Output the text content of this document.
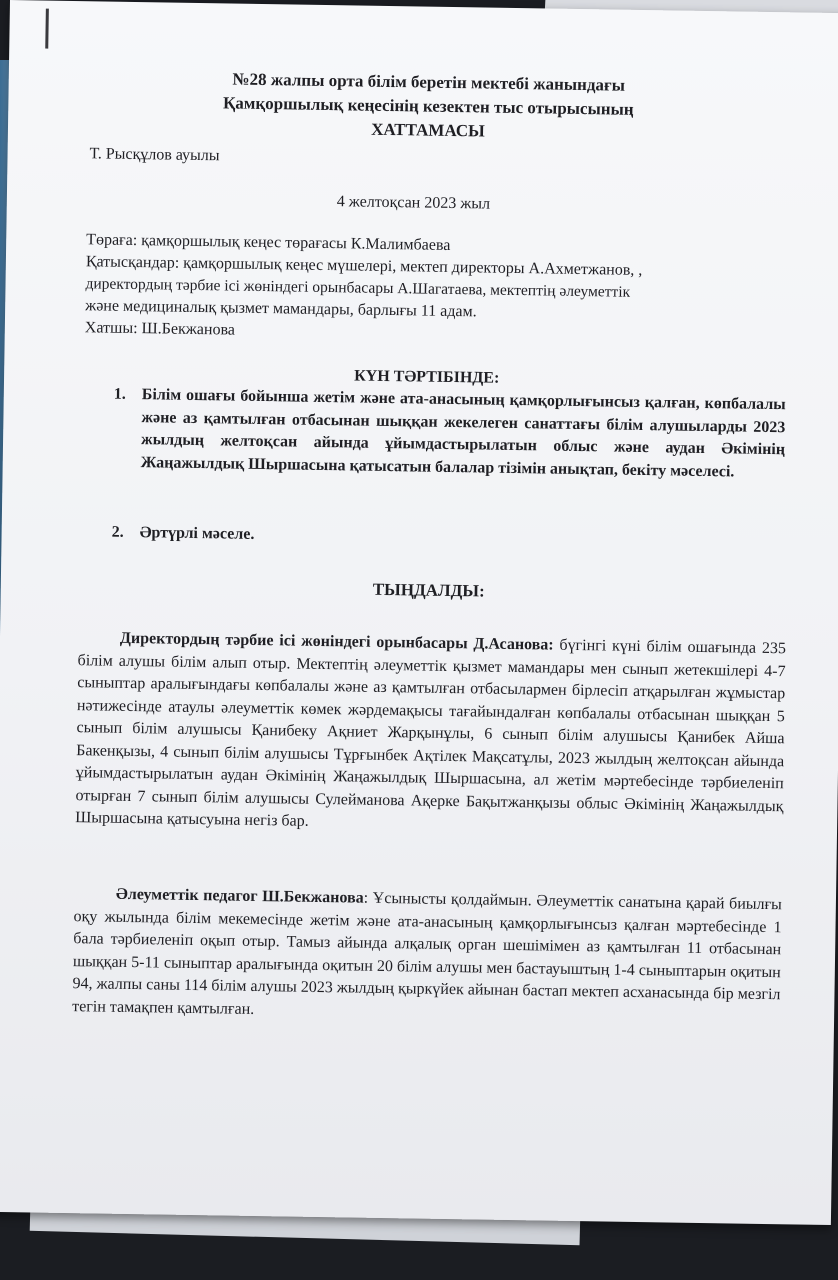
№28 жалпы орта білім беретін мектебі жанындағы
Қамқоршылық кеңесінің кезектен тыс отырысының
ХАТТАМАСЫ
Т. Рысқұлов ауылы
4 желтоқсан 2023 жыл
Төраға: қамқоршылық кеңес төрағасы К.Малимбаева
Қатысқандар: қамқоршылық кеңес мүшелері, мектеп директоры А.Ахметжанов, ,
директордың тәрбие ісі жөніндегі орынбасары А.Шагатаева, мектептің әлеуметтік
және медициналық қызмет мамандары, барлығы 11 адам.
Хатшы: Ш.Бекжанова
КҮН ТӘРТІБІНДЕ:
1. Білім ошағы бойынша жетім және ата-анасының қамқорлығынсыз қалған, көпбалалы және аз қамтылған отбасынан шыққан жекелеген санаттағы білім алушыларды 2023 жылдың желтоқсан айында ұйымдастырылатын облыс және аудан Әкімінің Жаңажылдық Шыршасына қатысатын балалар тізімін анықтап, бекіту мәселесі.
2. Әртүрлі мәселе.
ТЫҢДАЛДЫ:
Директордың тәрбие ісі жөніндегі орынбасары Д.Асанова: бүгінгі күні білім ошағында 235 білім алушы білім алып отыр. Мектептің әлеуметтік қызмет мамандары мен сынып жетекшілері 4-7 сыныптар аралығындағы көпбалалы және аз қамтылған отбасылармен бірлесіп атқарылған жұмыстар нәтижесінде атаулы әлеуметтік көмек жәрдемақысы тағайындалған көпбалалы отбасынан шыққан 5 сынып білім алушысы Қанибеку Ақниет Жарқынұлы, 6 сынып білім алушысы Қанибек Айша Бакенқызы, 4 сынып білім алушысы Тұрғынбек Ақтілек Мақсатұлы, 2023 жылдың желтоқсан айында ұйымдастырылатын аудан Әкімінің Жаңажылдық Шыршасына, ал жетім мәртебесінде тәрбиеленіп отырған 7 сынып білім алушысы Сулейманова Ақерке Бақытжанқызы облыс Әкімінің Жаңажылдық Шыршасына қатысуына негіз бар.
Әлеуметтік педагог Ш.Бекжанова: Ұсынысты қолдаймын. Әлеуметтік санатына қарай биылғы оқу жылында білім мекемесінде жетім және ата-анасының қамқорлығынсыз қалған мәртебесінде 1 бала тәрбиеленіп оқып отыр. Тамыз айында алқалық орган шешімімен аз қамтылған 11 отбасынан шыққан 5-11 сыныптар аралығында оқитын 20 білім алушы мен бастауыштың 1-4 сыныптарын оқитын 94, жалпы саны 114 білім алушы 2023 жылдың қыркүйек айынан бастап мектеп асханасында бір мезгіл тегін тамақпен қамтылған.
